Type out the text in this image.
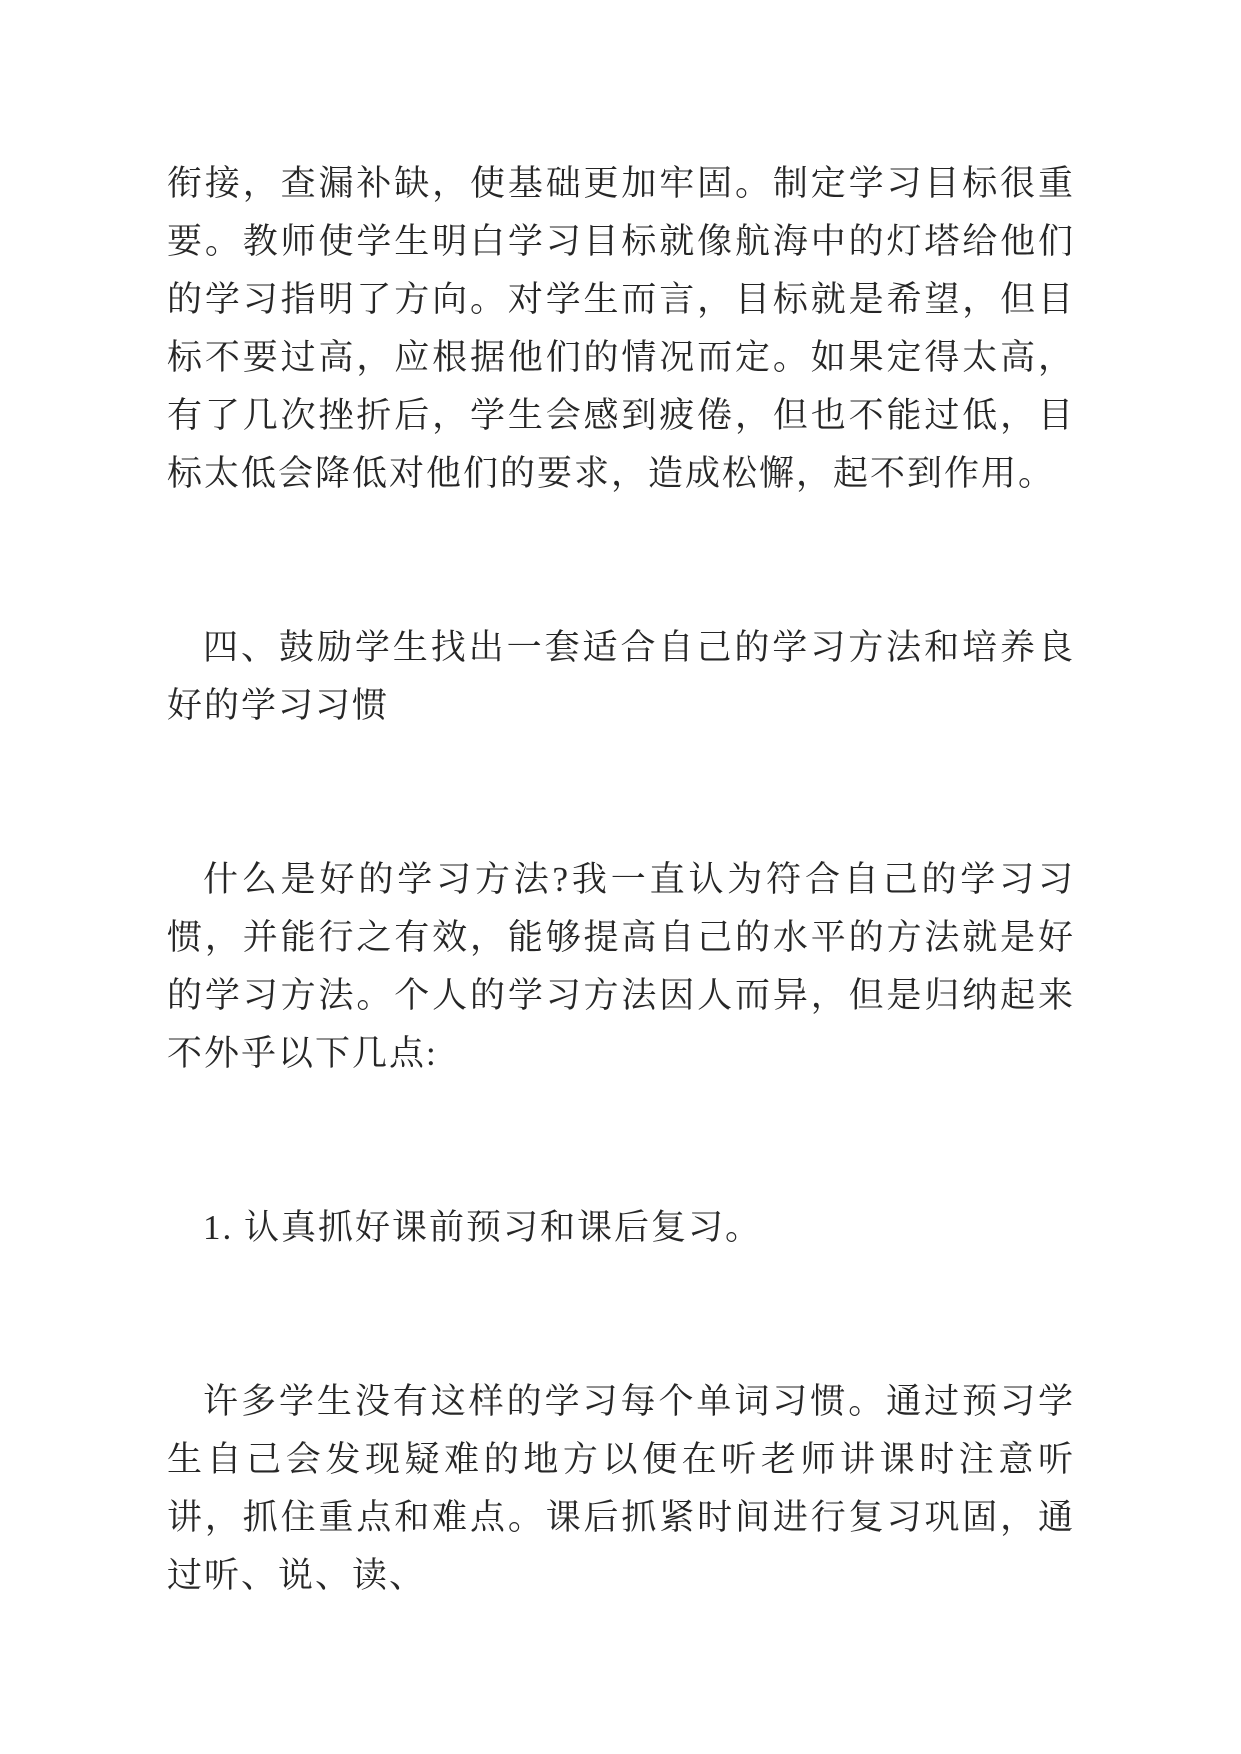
衔接，查漏补缺，使基础更加牢固。制定学习目标很重要。教师使学生明白学习目标就像航海中的灯塔给他们的学习指明了方向。对学生而言，目标就是希望，但目标不要过高，应根据他们的情况而定。如果定得太高，有了几次挫折后，学生会感到疲倦，但也不能过低，目标太低会降低对他们的要求，造成松懈，起不到作用。

四、鼓励学生找出一套适合自己的学习方法和培养良好的学习习惯

什么是好的学习方法?我一直认为符合自己的学习习惯，并能行之有效，能够提高自己的水平的方法就是好的学习方法。个人的学习方法因人而异，但是归纳起来不外乎以下几点:

1. 认真抓好课前预习和课后复习。

许多学生没有这样的学习每个单词习惯。通过预习学生自己会发现疑难的地方以便在听老师讲课时注意听讲，抓住重点和难点。课后抓紧时间进行复习巩固，通过听、说、读、
